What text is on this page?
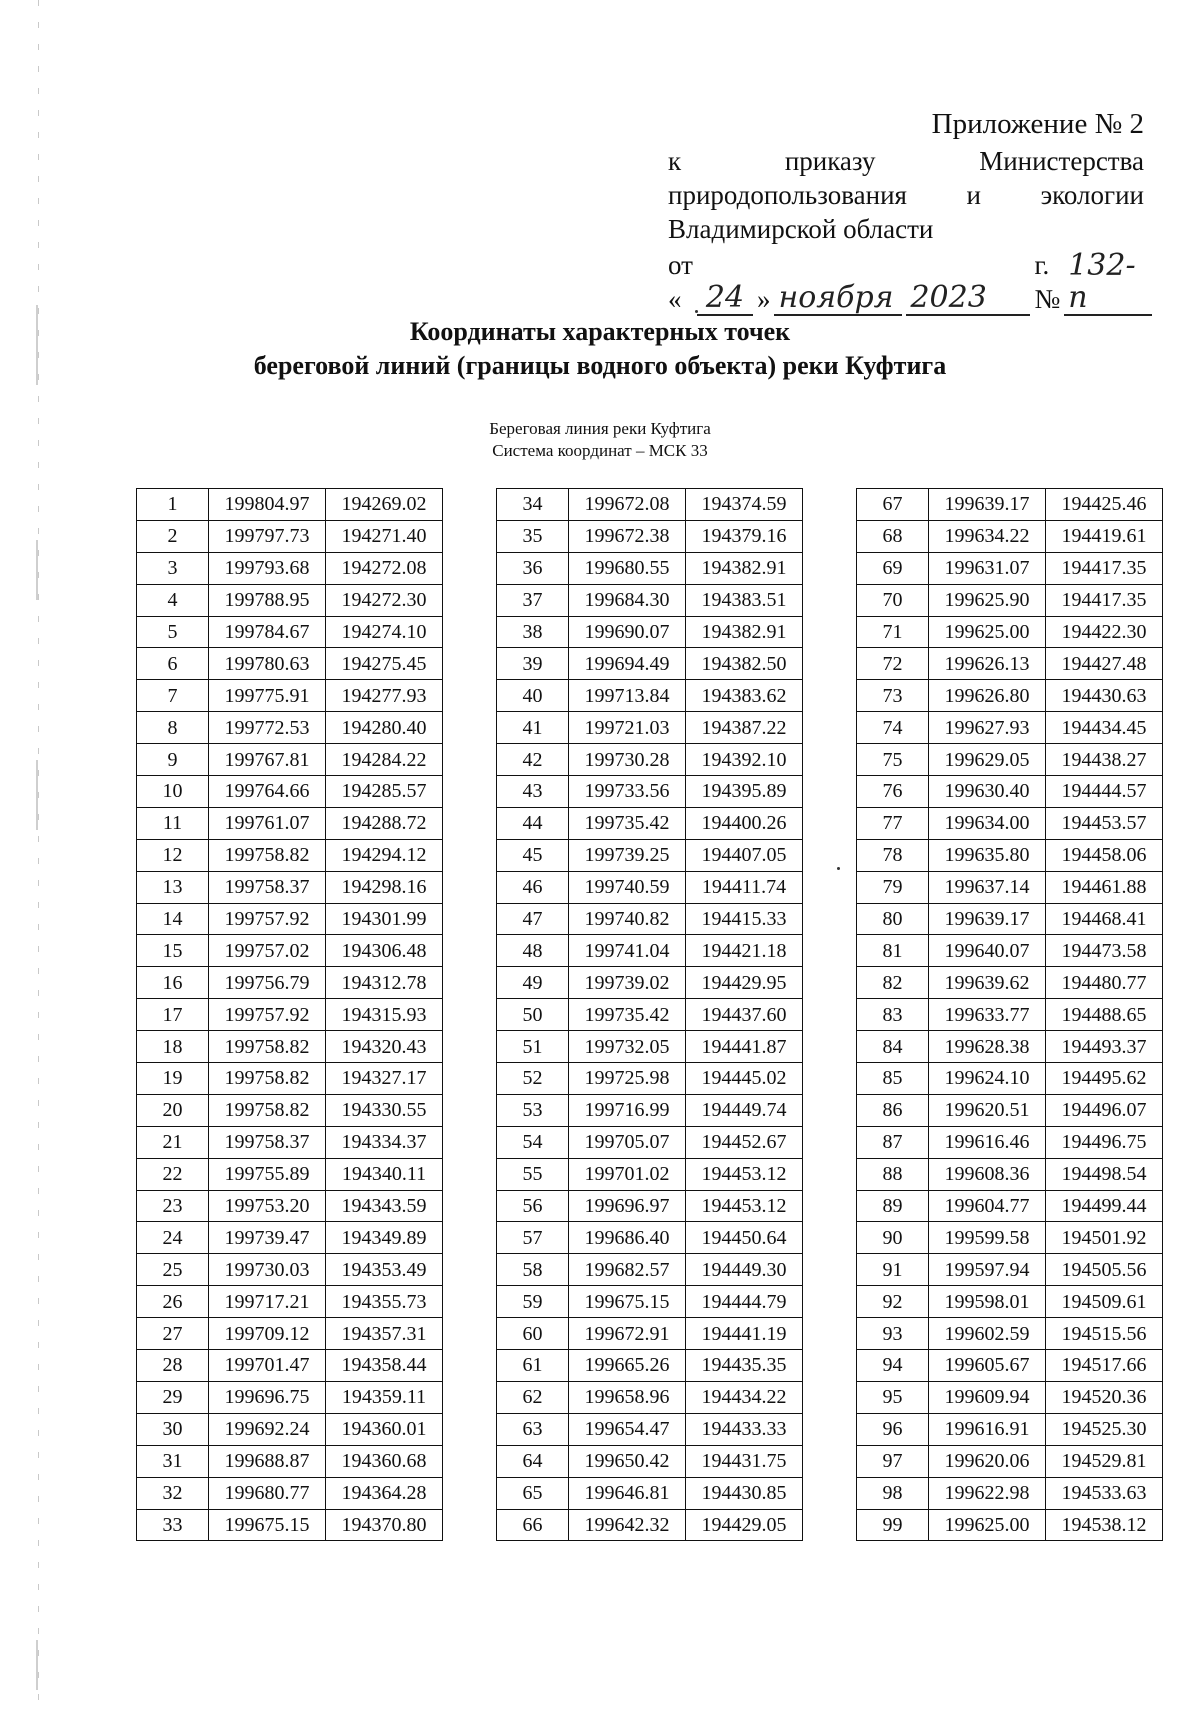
Приложение № 2
к	приказу	Министерства
природопользования и экологии
Владимирской области
от « 24 » ноября 2023
г. №
132-п
Координаты характерных точек
береговой линий (границы водного объекта) реки Куфтига
Береговая линия реки Куфтига
Система координат – МСК 33
1	199804.97	194269.02
2	199797.73	194271.40
3	199793.68	194272.08
4	199788.95	194272.30
5	199784.67	194274.10
6	199780.63	194275.45
7	199775.91	194277.93
8	199772.53	194280.40
9	199767.81	194284.22
10	199764.66	194285.57
11	199761.07	194288.72
12	199758.82	194294.12
13	199758.37	194298.16
14	199757.92	194301.99
15	199757.02	194306.48
16	199756.79	194312.78
17	199757.92	194315.93
18	199758.82	194320.43
19	199758.82	194327.17
20	199758.82	194330.55
21	199758.37	194334.37
22	199755.89	194340.11
23	199753.20	194343.59
24	199739.47	194349.89
25	199730.03	194353.49
26	199717.21	194355.73
27	199709.12	194357.31
28	199701.47	194358.44
29	199696.75	194359.11
30	199692.24	194360.01
31	199688.87	194360.68
32	199680.77	194364.28
33	199675.15	194370.80
34	199672.08	194374.59
35	199672.38	194379.16
36	199680.55	194382.91
37	199684.30	194383.51
38	199690.07	194382.91
39	199694.49	194382.50
40	199713.84	194383.62
41	199721.03	194387.22
42	199730.28	194392.10
43	199733.56	194395.89
44	199735.42	194400.26
45	199739.25	194407.05
46	199740.59	194411.74
47	199740.82	194415.33
48	199741.04	194421.18
49	199739.02	194429.95
50	199735.42	194437.60
51	199732.05	194441.87
52	199725.98	194445.02
53	199716.99	194449.74
54	199705.07	194452.67
55	199701.02	194453.12
56	199696.97	194453.12
57	199686.40	194450.64
58	199682.57	194449.30
59	199675.15	194444.79
60	199672.91	194441.19
61	199665.26	194435.35
62	199658.96	194434.22
63	199654.47	194433.33
64	199650.42	194431.75
65	199646.81	194430.85
66	199642.32	194429.05
67	199639.17	194425.46
68	199634.22	194419.61
69	199631.07	194417.35
70	199625.90	194417.35
71	199625.00	194422.30
72	199626.13	194427.48
73	199626.80	194430.63
74	199627.93	194434.45
75	199629.05	194438.27
76	199630.40	194444.57
77	199634.00	194453.57
78	199635.80	194458.06
79	199637.14	194461.88
80	199639.17	194468.41
81	199640.07	194473.58
82	199639.62	194480.77
83	199633.77	194488.65
84	199628.38	194493.37
85	199624.10	194495.62
86	199620.51	194496.07
87	199616.46	194496.75
88	199608.36	194498.54
89	199604.77	194499.44
90	199599.58	194501.92
91	199597.94	194505.56
92	199598.01	194509.61
93	199602.59	194515.56
94	199605.67	194517.66
95	199609.94	194520.36
96	199616.91	194525.30
97	199620.06	194529.81
98	199622.98	194533.63
99	199625.00	194538.12
